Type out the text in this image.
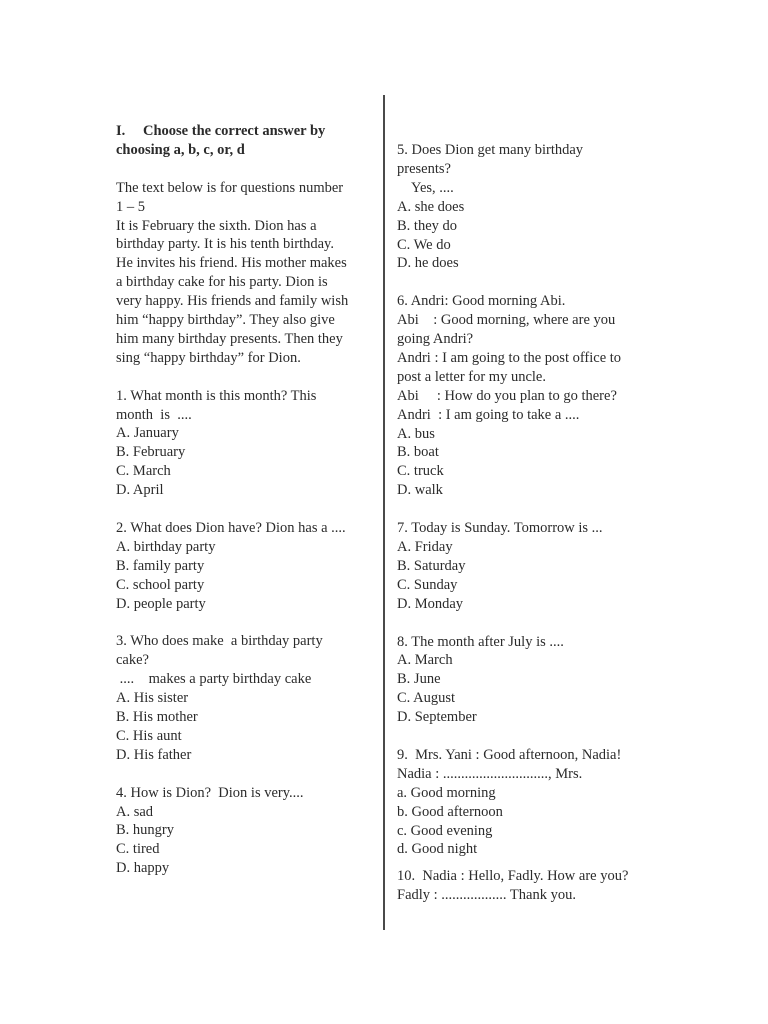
I. Choose the correct answer by
choosing a, b, c, or, d
The text below is for questions number
1 – 5
It is February the sixth. Dion has a
birthday party. It is his tenth birthday.
He invites his friend. His mother makes
a birthday cake for his party. Dion is
very happy. His friends and family wish
him “happy birthday”. They also give
him many birthday presents. Then they
sing “happy birthday” for Dion.
1. What month is this month? This
month  is  ....
A. January
B. February
C. March
D. April
2. What does Dion have? Dion has a ....
A. birthday party
B. family party
C. school party
D. people party
3. Who does make  a birthday party
cake?
....    makes a party birthday cake
A. His sister
B. His mother
C. His aunt
D. His father
4. How is Dion?  Dion is very....
A. sad
B. hungry
C. tired
D. happy
5. Does Dion get many birthday
presents?
Yes, ....
A. she does
B. they do
C. We do
D. he does
6. Andri: Good morning Abi.
Abi    : Good morning, where are you
going Andri?
Andri : I am going to the post office to
post a letter for my uncle.
Abi     : How do you plan to go there?
Andri  : I am going to take a ....
A. bus
B. boat
C. truck
D. walk
7. Today is Sunday. Tomorrow is ...
A. Friday
B. Saturday
C. Sunday
D. Monday
8. The month after July is ....
A. March
B. June
C. August
D. September
9.  Mrs. Yani : Good afternoon, Nadia!
Nadia : ............................., Mrs.
a. Good morning
b. Good afternoon
c. Good evening
d. Good night
10.  Nadia : Hello, Fadly. How are you?
Fadly : .................. Thank you.
